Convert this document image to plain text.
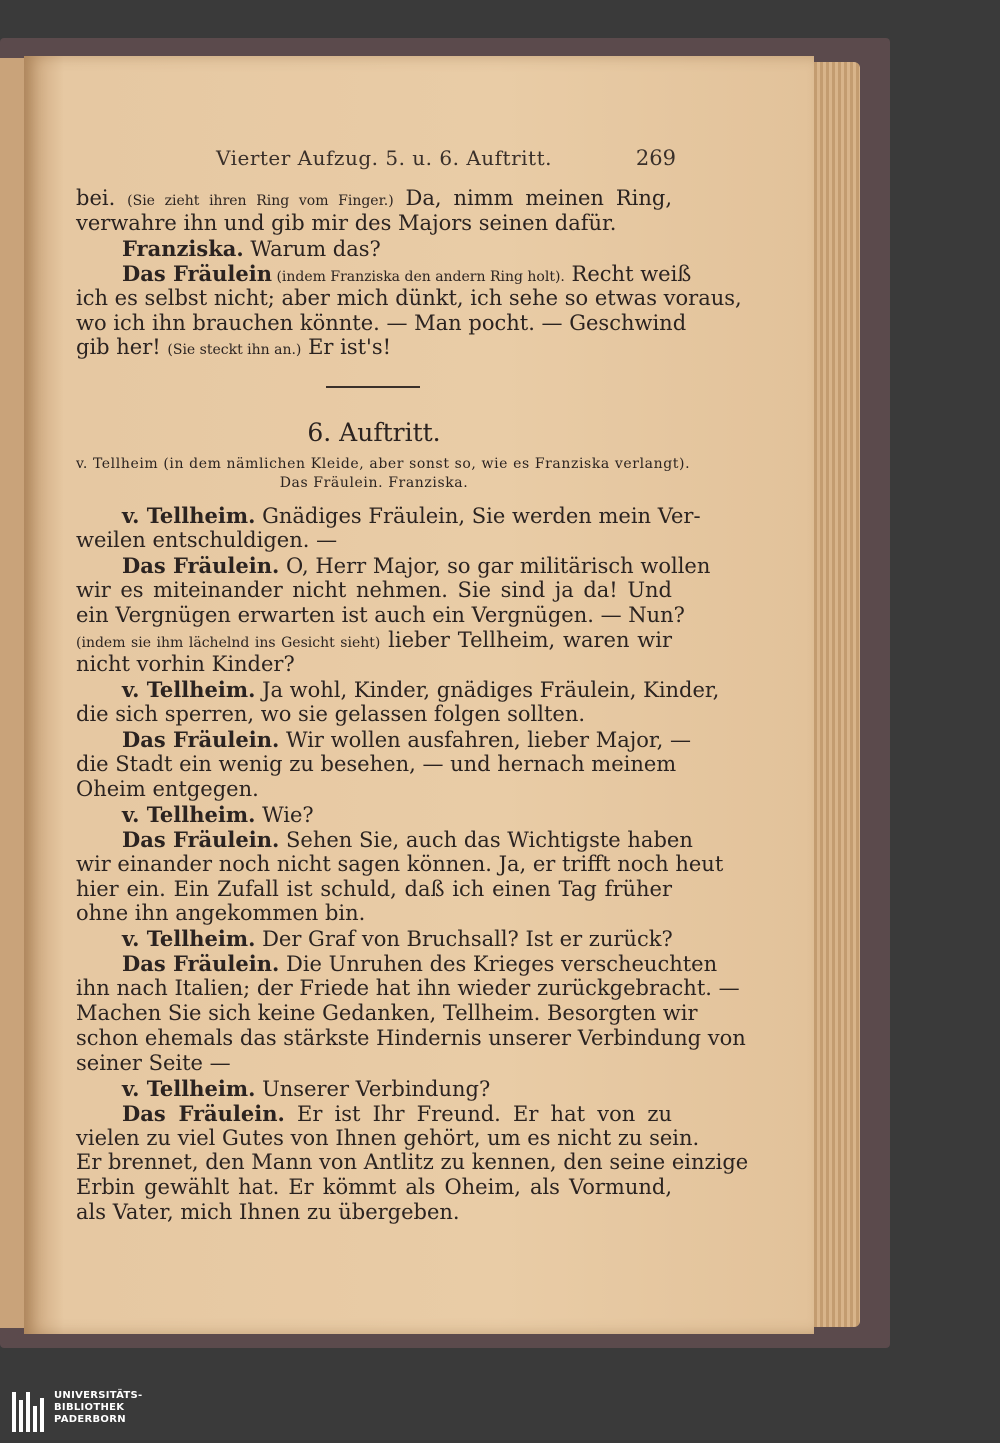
Vierter Aufzug. 5. u. 6. Auftritt.	269
bei. (Sie zieht ihren Ring vom Finger.) Da, nimm meinen Ring,
verwahre ihn und gib mir des Majors seinen dafür.
Franziska. Warum das?
Das Fräulein (indem Franziska den andern Ring holt). Recht weiß
ich es selbst nicht; aber mich dünkt, ich sehe so etwas voraus,
wo ich ihn brauchen könnte. — Man pocht. — Geschwind
gib her! (Sie steckt ihn an.) Er ist's!
6. Auftritt.
v. Tellheim (in dem nämlichen Kleide, aber sonst so, wie es Franziska verlangt).
Das Fräulein. Franziska.
v. Tellheim. Gnädiges Fräulein, Sie werden mein Ver-
weilen entschuldigen. —
Das Fräulein. O, Herr Major, so gar militärisch wollen
wir es miteinander nicht nehmen. Sie sind ja da! Und
ein Vergnügen erwarten ist auch ein Vergnügen. — Nun?
(indem sie ihm lächelnd ins Gesicht sieht) lieber Tellheim, waren wir
nicht vorhin Kinder?
v. Tellheim. Ja wohl, Kinder, gnädiges Fräulein, Kinder,
die sich sperren, wo sie gelassen folgen sollten.
Das Fräulein. Wir wollen ausfahren, lieber Major, —
die Stadt ein wenig zu besehen, — und hernach meinem
Oheim entgegen.
v. Tellheim. Wie?
Das Fräulein. Sehen Sie, auch das Wichtigste haben
wir einander noch nicht sagen können. Ja, er trifft noch heut
hier ein. Ein Zufall ist schuld, daß ich einen Tag früher
ohne ihn angekommen bin.
v. Tellheim. Der Graf von Bruchsall? Ist er zurück?
Das Fräulein. Die Unruhen des Krieges verscheuchten
ihn nach Italien; der Friede hat ihn wieder zurückgebracht. —
Machen Sie sich keine Gedanken, Tellheim. Besorgten wir
schon ehemals das stärkste Hindernis unserer Verbindung von
seiner Seite —
v. Tellheim. Unserer Verbindung?
Das Fräulein. Er ist Ihr Freund. Er hat von zu
vielen zu viel Gutes von Ihnen gehört, um es nicht zu sein.
Er brennet, den Mann von Antlitz zu kennen, den seine einzige
Erbin gewählt hat. Er kömmt als Oheim, als Vormund,
als Vater, mich Ihnen zu übergeben.
UNIVERSITÄTS-
BIBLIOTHEK
PADERBORN
